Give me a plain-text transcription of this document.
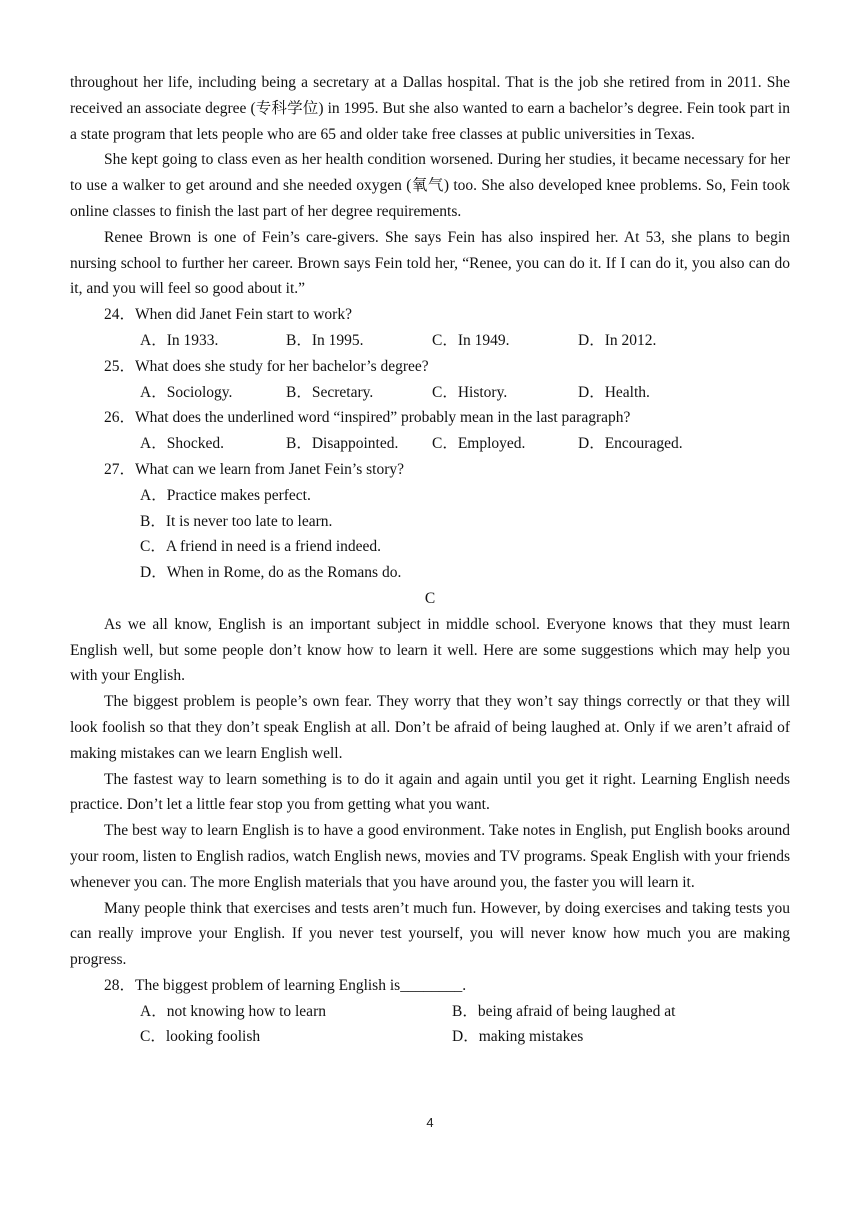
throughout her life, including being a secretary at a Dallas hospital. That is the job she retired from in 2011. She received an associate degree (专科学位) in 1995. But she also wanted to earn a bachelor’s degree. Fein took part in a state program that lets people who are 65 and older take free classes at public universities in Texas.

She kept going to class even as her health condition worsened. During her studies, it became necessary for her to use a walker to get around and she needed oxygen (氧气) too. She also developed knee problems. So, Fein took online classes to finish the last part of her degree requirements.

Renee Brown is one of Fein’s care-givers. She says Fein has also inspired her. At 53, she plans to begin nursing school to further her career. Brown says Fein told her, “Renee, you can do it. If I can do it, you also can do it, and you will feel so good about it.”

24．When did Janet Fein start to work?
A．In 1933.	B．In 1995.	C．In 1949.	D．In 2012.
25．What does she study for her bachelor’s degree?
A．Sociology.	B．Secretary.	C．History.	D．Health.
26．What does the underlined word “inspired” probably mean in the last paragraph?
A．Shocked.	B．Disappointed.	C．Employed.	D．Encouraged.
27．What can we learn from Janet Fein’s story?
A．Practice makes perfect.
B．It is never too late to learn.
C．A friend in need is a friend indeed.
D．When in Rome, do as the Romans do.
C

As we all know, English is an important subject in middle school. Everyone knows that they must learn English well, but some people don’t know how to learn it well. Here are some suggestions which may help you with your English.

The biggest problem is people’s own fear. They worry that they won’t say things correctly or that they will look foolish so that they don’t speak English at all. Don’t be afraid of being laughed at. Only if we aren’t afraid of making mistakes can we learn English well.

The fastest way to learn something is to do it again and again until you get it right. Learning English needs practice. Don’t let a little fear stop you from getting what you want.

The best way to learn English is to have a good environment. Take notes in English, put English books around your room, listen to English radios, watch English news, movies and TV programs. Speak English with your friends whenever you can. The more English materials that you have around you, the faster you will learn it.

Many people think that exercises and tests aren’t much fun. However, by doing exercises and taking tests you can really improve your English. If you never test yourself, you will never know how much you are making progress.

28．The biggest problem of learning English is________.
A．not knowing how to learn	B．being afraid of being laughed at
C．looking foolish	D．making mistakes
4
